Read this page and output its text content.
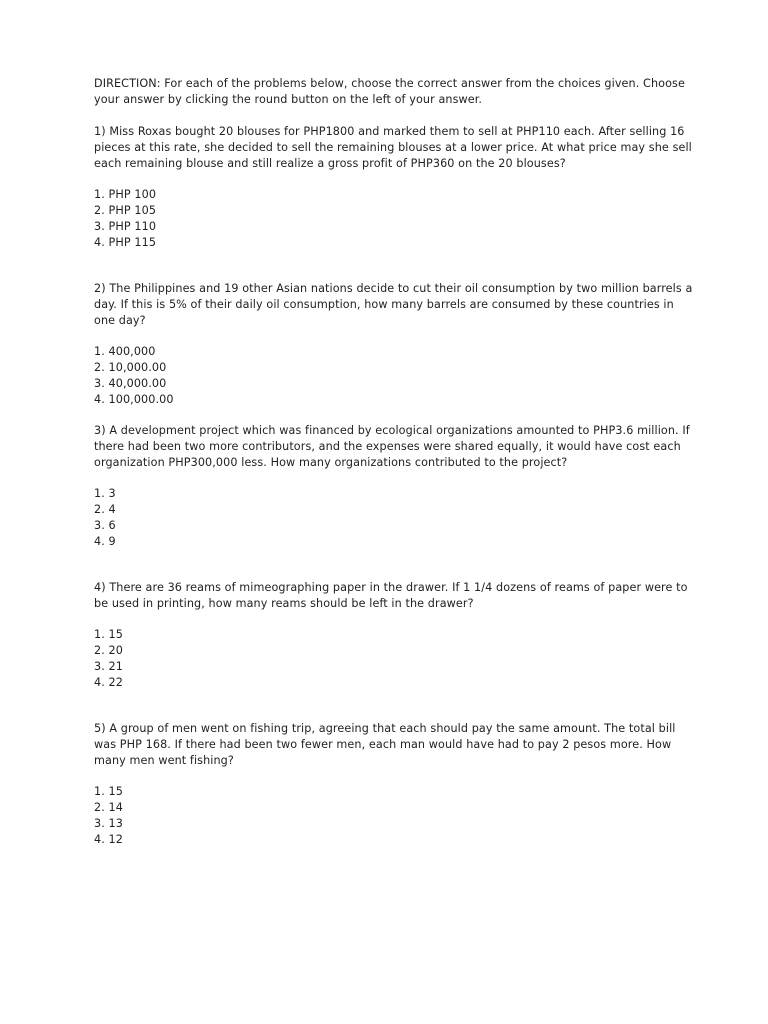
DIRECTION: For each of the problems below, choose the correct answer from the choices given. Choose your answer by clicking the round button on the left of your answer.

1) Miss Roxas bought 20 blouses for PHP1800 and marked them to sell at PHP110 each. After selling 16 pieces at this rate, she decided to sell the remaining blouses at a lower price. At what price may she sell each remaining blouse and still realize a gross profit of PHP360 on the 20 blouses?

1. PHP 100
2. PHP 105
3. PHP 110
4. PHP 115

2) The Philippines and 19 other Asian nations decide to cut their oil consumption by two million barrels a day. If this is 5% of their daily oil consumption, how many barrels are consumed by these countries in one day?

1. 400,000
2. 10,000.00
3. 40,000.00
4. 100,000.00

3) A development project which was financed by ecological organizations amounted to PHP3.6 million. If there had been two more contributors, and the expenses were shared equally, it would have cost each organization PHP300,000 less. How many organizations contributed to the project?

1. 3
2. 4
3. 6
4. 9

4) There are 36 reams of mimeographing paper in the drawer. If 1 1/4 dozens of reams of paper were to be used in printing, how many reams should be left in the drawer?

1. 15
2. 20
3. 21
4. 22

5) A group of men went on fishing trip, agreeing that each should pay the same amount. The total bill was PHP 168. If there had been two fewer men, each man would have had to pay 2 pesos more. How many men went fishing?

1. 15
2. 14
3. 13
4. 12
